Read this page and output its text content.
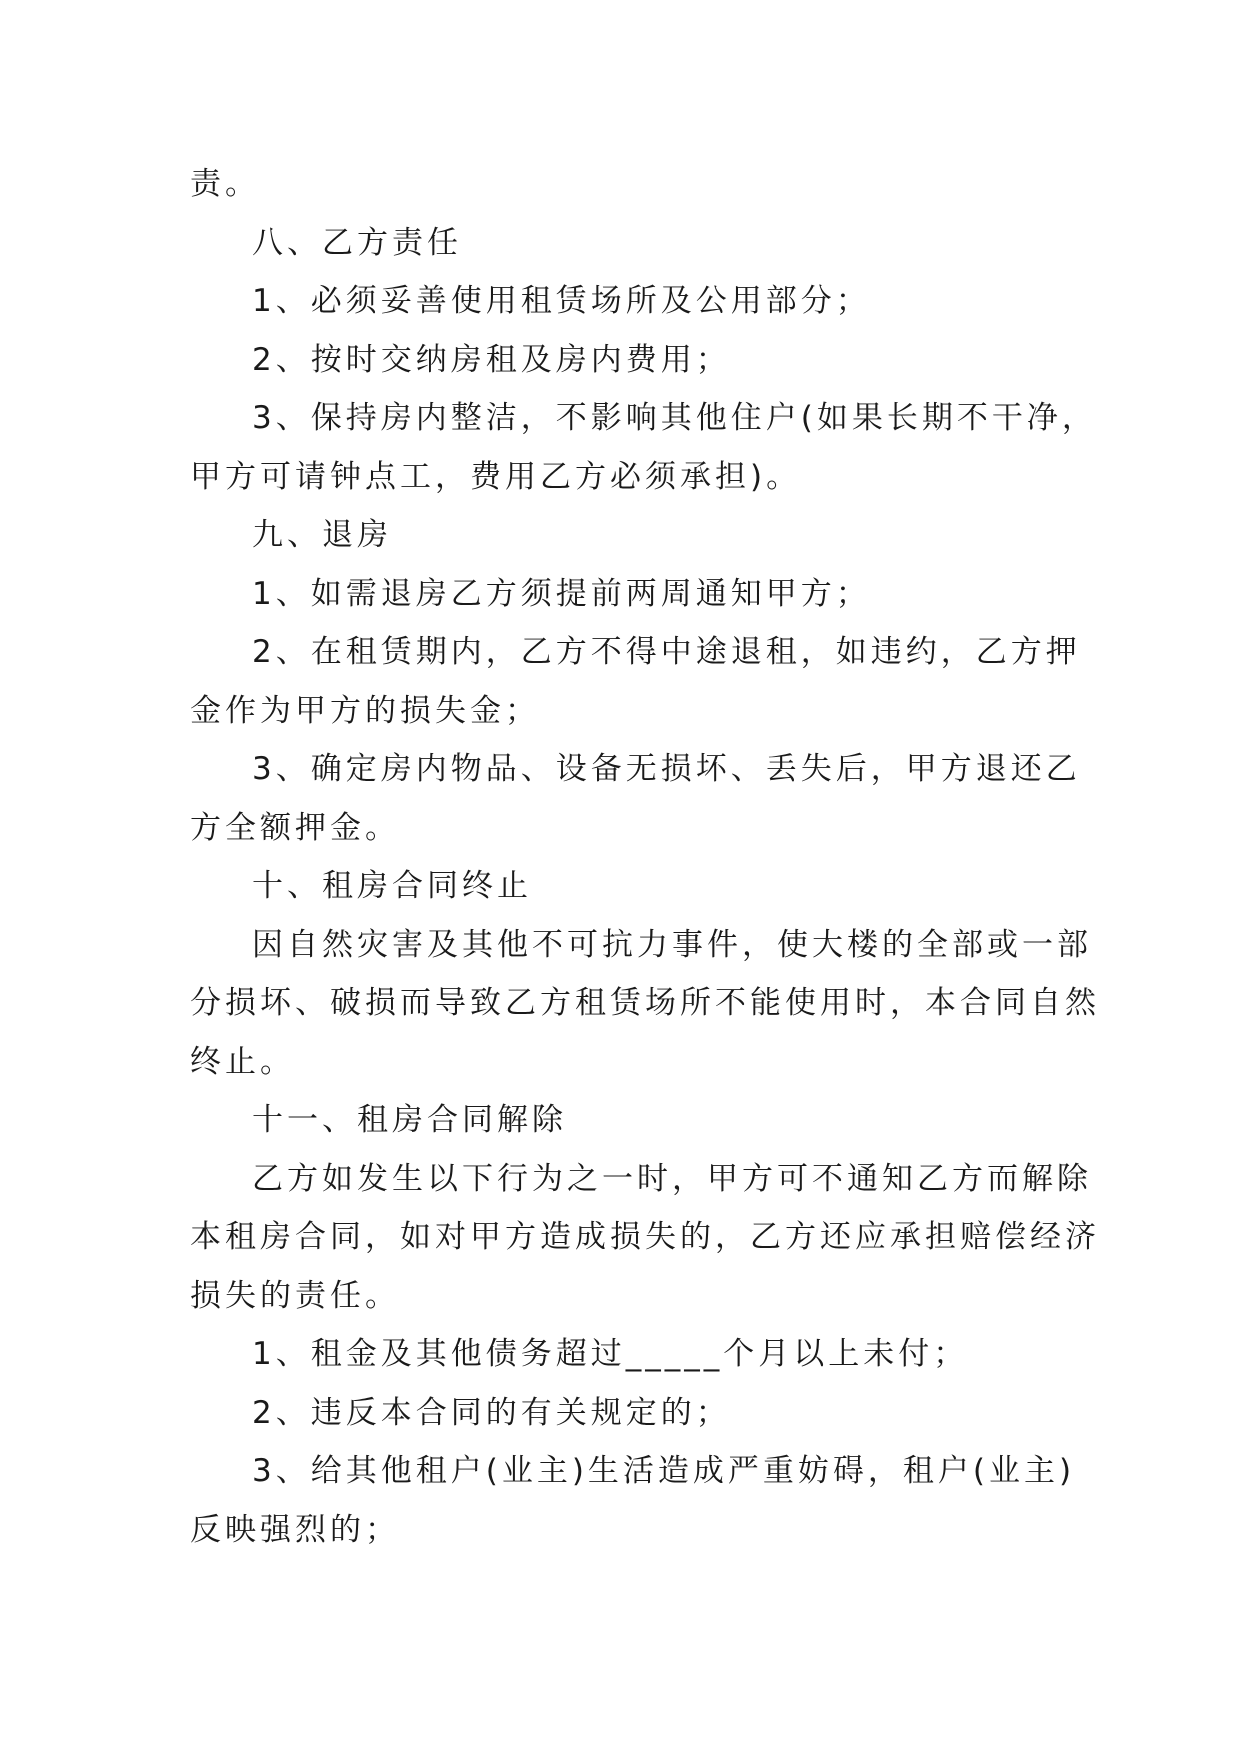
责。
八、乙方责任
1、必须妥善使用租赁场所及公用部分；
2、按时交纳房租及房内费用；
3、保持房内整洁，不影响其他住户(如果长期不干净，
甲方可请钟点工，费用乙方必须承担)。
九、退房
1、如需退房乙方须提前两周通知甲方；
2、在租赁期内，乙方不得中途退租，如违约，乙方押
金作为甲方的损失金；
3、确定房内物品、设备无损坏、丢失后，甲方退还乙
方全额押金。
十、租房合同终止
因自然灾害及其他不可抗力事件，使大楼的全部或一部
分损坏、破损而导致乙方租赁场所不能使用时，本合同自然
终止。
十一、租房合同解除
乙方如发生以下行为之一时，甲方可不通知乙方而解除
本租房合同，如对甲方造成损失的，乙方还应承担赔偿经济
损失的责任。
1、租金及其他债务超过_____个月以上未付；
2、违反本合同的有关规定的；
3、给其他租户(业主)生活造成严重妨碍，租户(业主)
反映强烈的；
